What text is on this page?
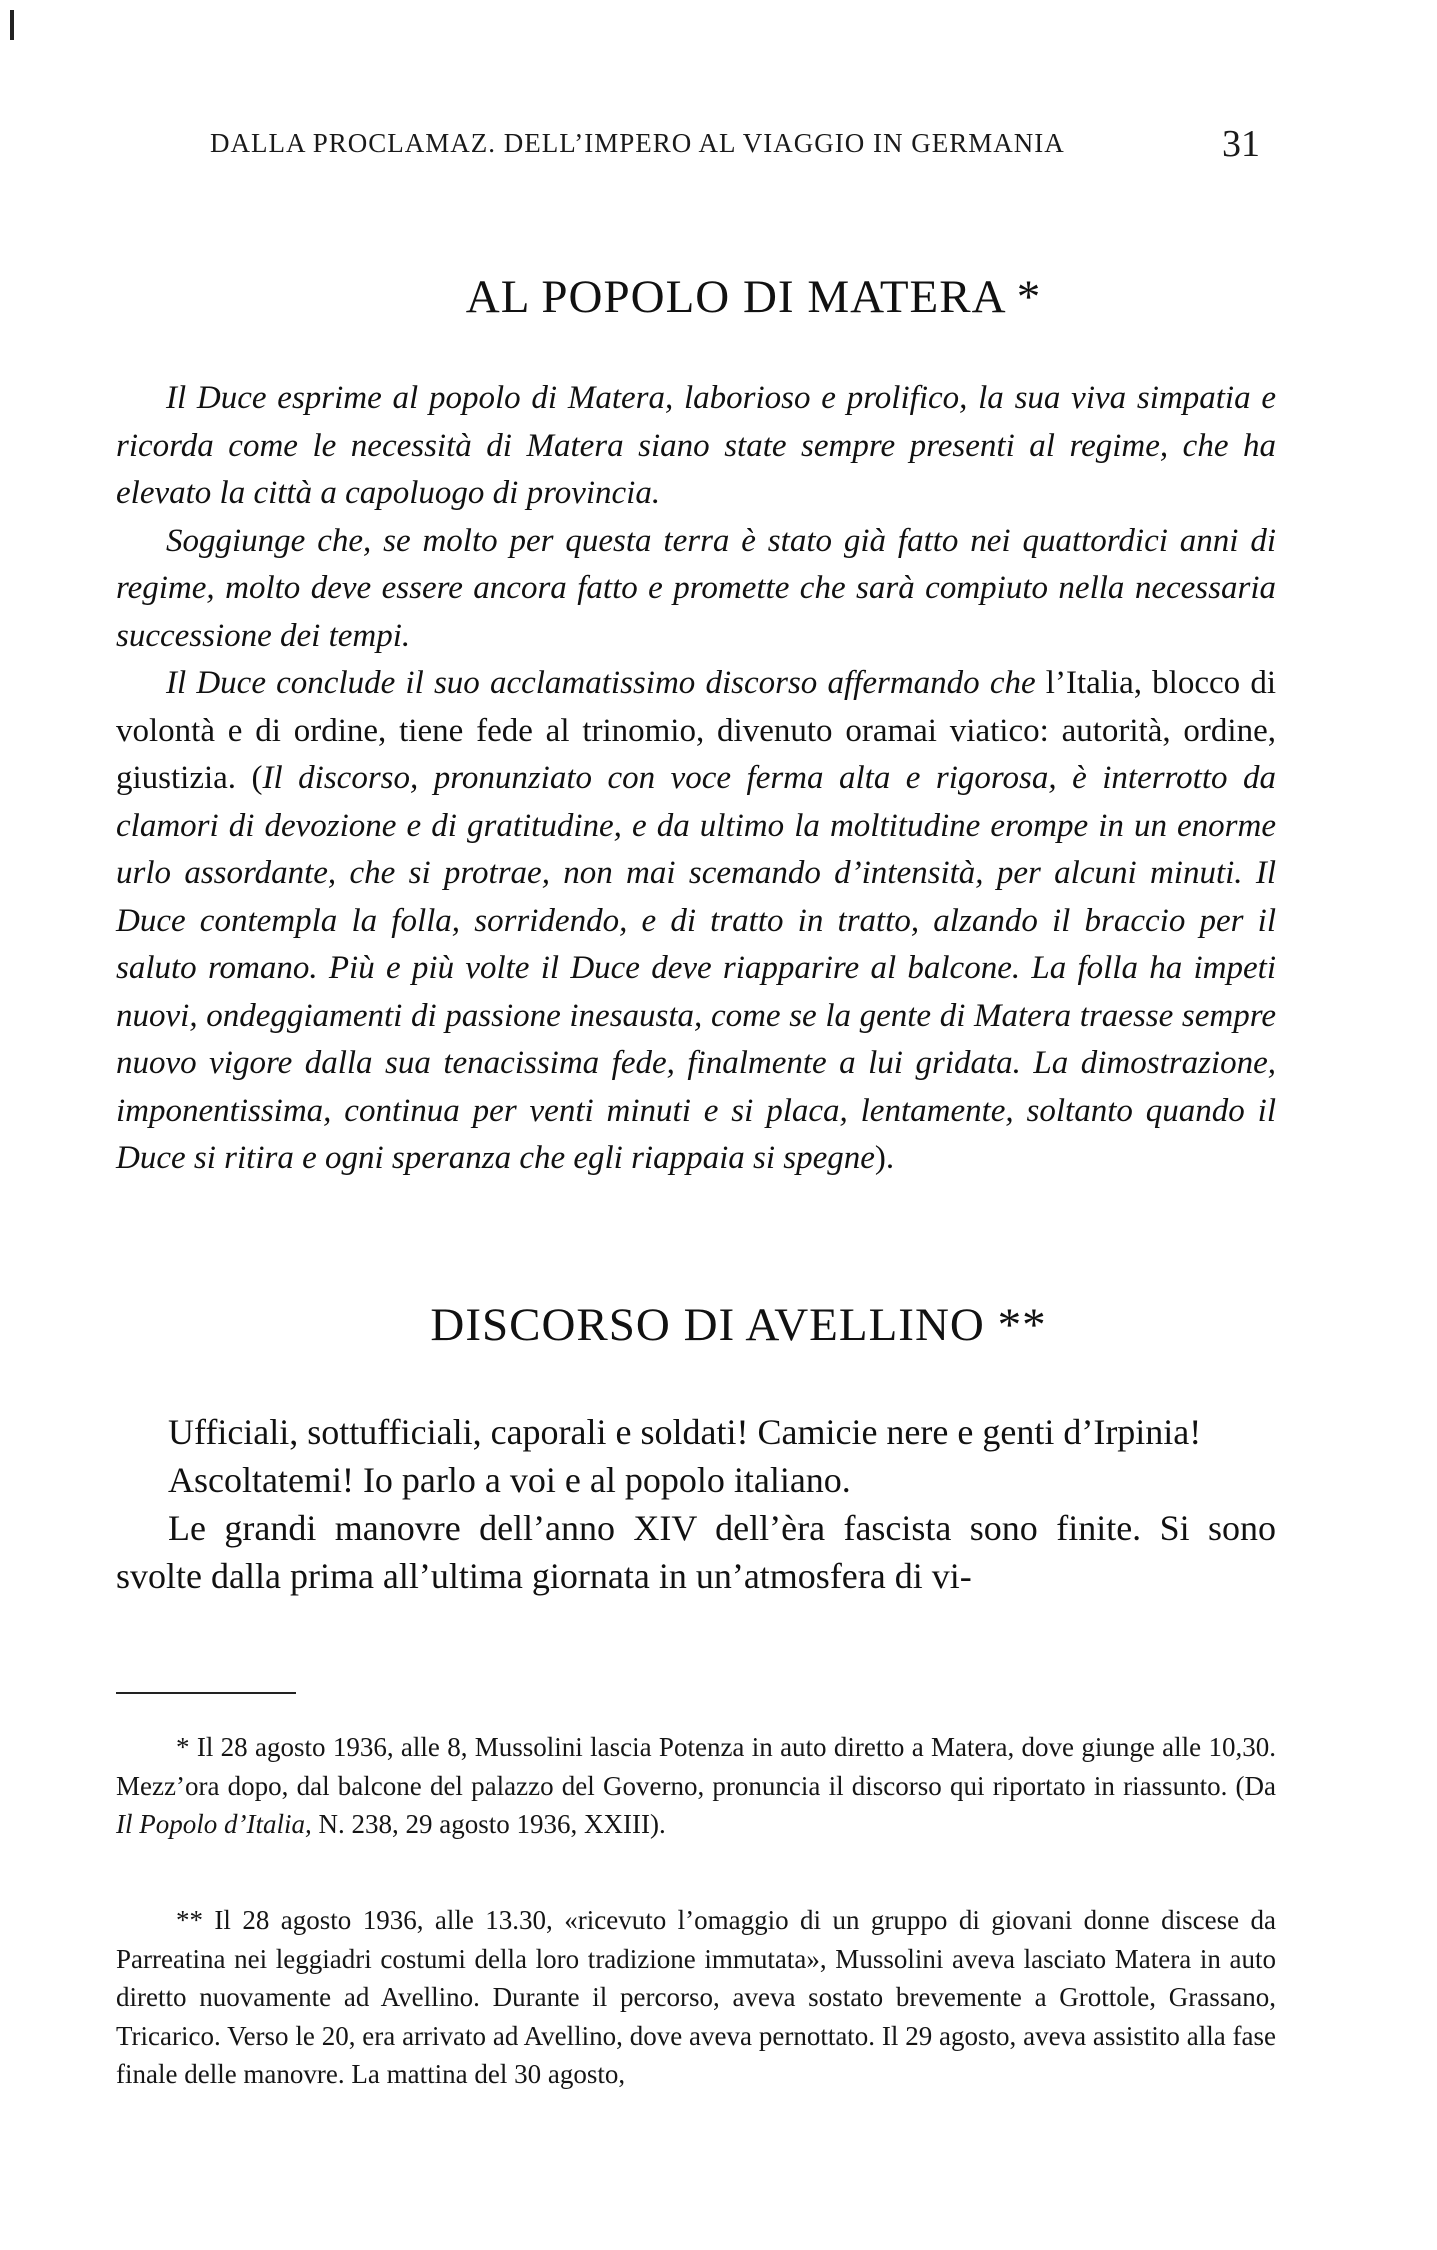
DALLA PROCLAMAZ. DELL’IMPERO AL VIAGGIO IN GERMANIA	31
AL POPOLO DI MATERA *

Il Duce esprime al popolo di Matera, laborioso e prolifico, la sua viva simpatia e ricorda come le necessità di Matera siano state sempre presenti al regime, che ha elevato la città a capoluogo di provincia.

Soggiunge che, se molto per questa terra è stato già fatto nei quattordici anni di regime, molto deve essere ancora fatto e promette che sarà compiuto nella necessaria successione dei tempi.

Il Duce conclude il suo acclamatissimo discorso affermando che l’Italia, blocco di volontà e di ordine, tiene fede al trinomio, divenuto oramai viatico: autorità, ordine, giustizia. (Il discorso, pronunziato con voce ferma alta e rigorosa, è interrotto da clamori di devozione e di gratitudine, e da ultimo la moltitudine erompe in un enorme urlo assordante, che si protrae, non mai scemando d’intensità, per alcuni minuti. Il Duce contempla la folla, sorridendo, e di tratto in tratto, alzando il braccio per il saluto romano. Più e più volte il Duce deve riapparire al balcone. La folla ha impeti nuovi, ondeggiamenti di passione inesausta, come se la gente di Matera traesse sempre nuovo vigore dalla sua tenacissima fede, finalmente a lui gridata. La dimostrazione, imponentissima, continua per venti minuti e si placa, lentamente, soltanto quando il Duce si ritira e ogni speranza che egli riappaia si spegne).

DISCORSO DI AVELLINO **

Ufficiali, sottufficiali, caporali e soldati! Camicie nere e genti d’Irpinia!

Ascoltatemi! Io parlo a voi e al popolo italiano.

Le grandi manovre dell’anno XIV dell’èra fascista sono finite. Si sono svolte dalla prima all’ultima giornata in un’atmosfera di vi-

* Il 28 agosto 1936, alle 8, Mussolini lascia Potenza in auto diretto a Matera, dove giunge alle 10,30. Mezz’ora dopo, dal balcone del palazzo del Governo, pronuncia il discorso qui riportato in riassunto. (Da Il Popolo d’Italia, N. 238, 29 agosto 1936, XXIII).

** Il 28 agosto 1936, alle 13.30, «ricevuto l’omaggio di un gruppo di giovani donne discese da Parreatina nei leggiadri costumi della loro tradizione immutata», Mussolini aveva lasciato Matera in auto diretto nuovamente ad Avellino. Durante il percorso, aveva sostato brevemente a Grottole, Grassano, Tricarico. Verso le 20, era arrivato ad Avellino, dove aveva pernottato. Il 29 agosto, aveva assistito alla fase finale delle manovre. La mattina del 30 agosto,
